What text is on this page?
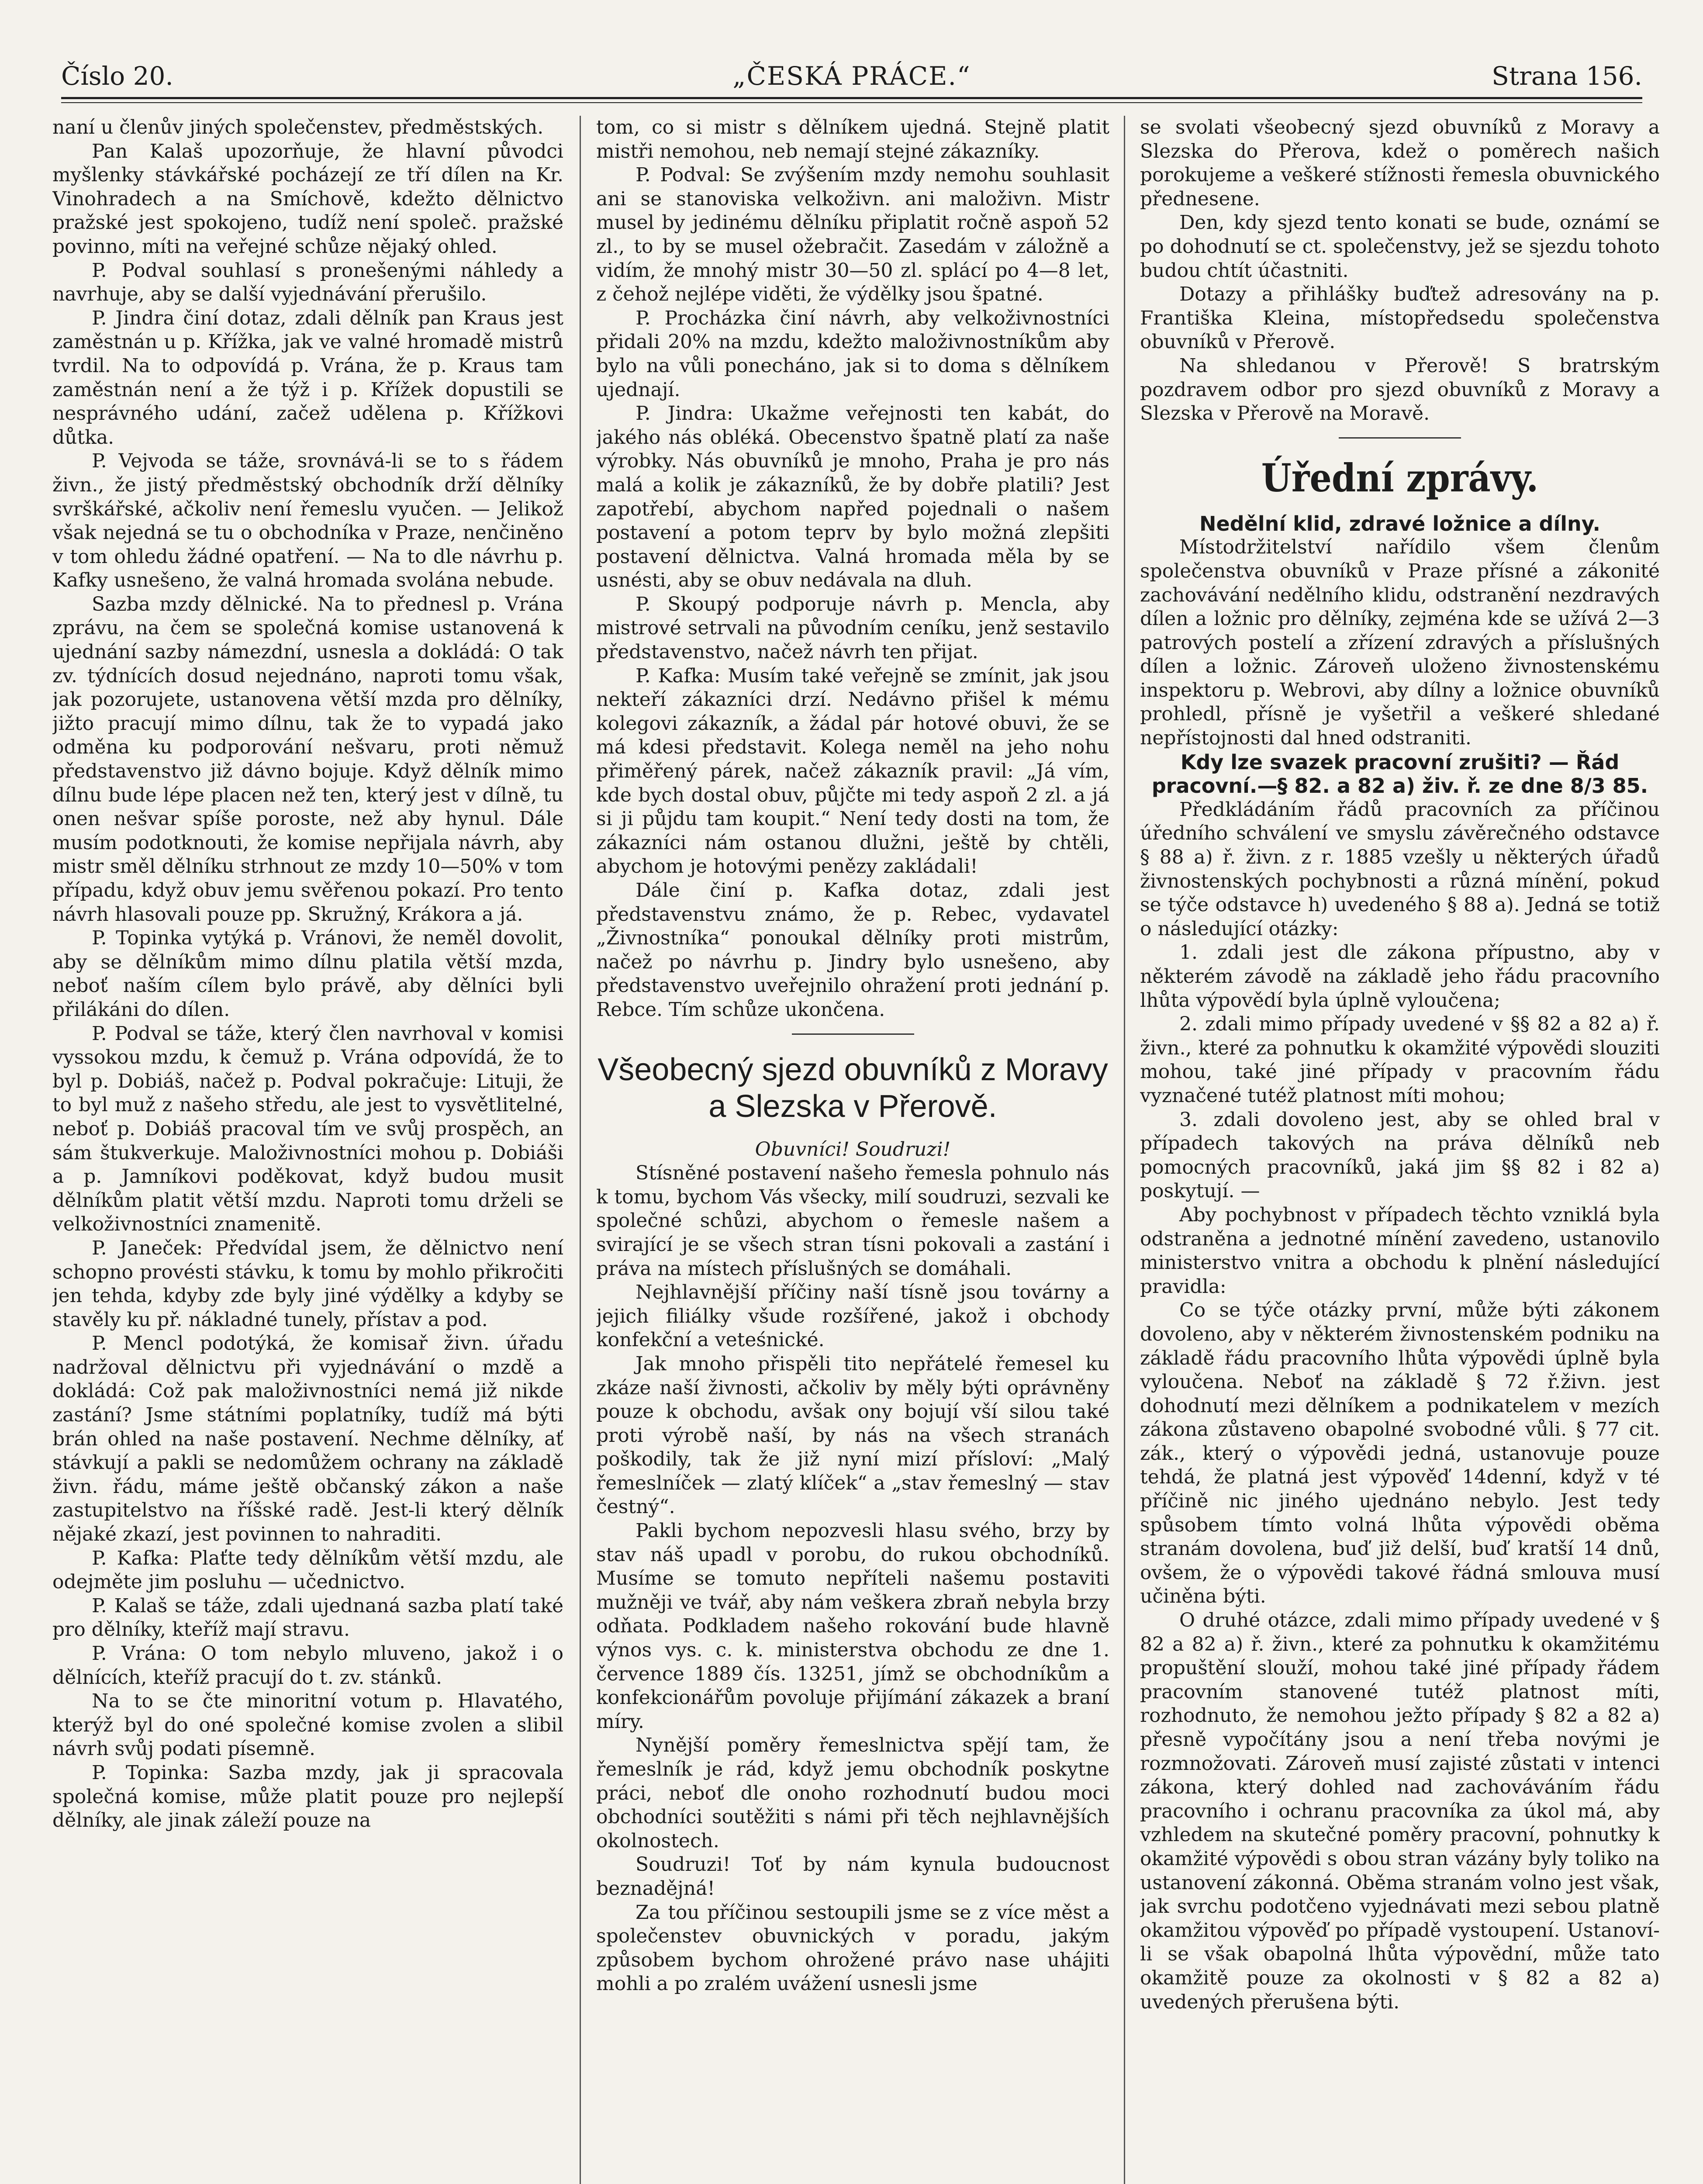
Číslo 20.	„ČESKÁ PRÁCE.“	Strana 156.

naní u členův jiných společenstev, předměstských.

Pan Kalaš upozorňuje, že hlavní původci myšlenky stávkářské pocházejí ze tří dílen na Kr. Vinohradech a na Smíchově, kdežto dělnictvo pražské jest spokojeno, tudíž není společ. pražské povinno, míti na veřejné schůze nějaký ohled.

P. Podval souhlasí s pronešenými náhledy a navrhuje, aby se další vyjednávání přerušilo.

P. Jindra činí dotaz, zdali dělník pan Kraus jest zaměstnán u p. Křížka, jak ve valné hromadě mistrů tvrdil. Na to odpovídá p. Vrána, že p. Kraus tam zaměstnán není a že týž i p. Křížek dopustili se nesprávného udání, začež udělena p. Křížkovi důtka.

P. Vejvoda se táže, srovnává-li se to s řádem živn., že jistý předměstský obchodník drží dělníky svrškářské, ačkoliv není řemeslu vyučen. — Jelikož však nejedná se tu o obchodníka v Praze, nenčiněno v tom ohledu žádné opatření. — Na to dle návrhu p. Kafky usnešeno, že valná hromada svolána nebude.

Sazba mzdy dělnické. Na to přednesl p. Vrána zprávu, na čem se společná komise ustanovená k ujednání sazby námezdní, usnesla a dokládá: O tak zv. týdnících dosud nejednáno, naproti tomu však, jak pozorujete, ustanovena větší mzda pro dělníky, jižto pracují mimo dílnu, tak že to vypadá jako odměna ku podporování nešvaru, proti němuž představenstvo již dávno bojuje. Když dělník mimo dílnu bude lépe placen než ten, který jest v dílně, tu onen nešvar spíše poroste, než aby hynul. Dále musím podotknouti, že komise nepřijala návrh, aby mistr směl dělníku strhnout ze mzdy 10—50% v tom případu, když obuv jemu svěřenou pokazí. Pro tento návrh hlasovali pouze pp. Skružný, Krákora a já.

P. Topinka vytýká p. Vránovi, že neměl dovolit, aby se dělníkům mimo dílnu platila větší mzda, neboť naším cílem bylo právě, aby dělníci byli přilákáni do dílen.

P. Podval se táže, který člen navrhoval v komisi vyssokou mzdu, k čemuž p. Vrána odpovídá, že to byl p. Dobiáš, načež p. Podval pokračuje: Lituji, že to byl muž z našeho středu, ale jest to vysvětlitelné, neboť p. Dobiáš pracoval tím ve svůj prospěch, an sám štukverkuje. Maloživnostníci mohou p. Dobiáši a p. Jamníkovi poděkovat, když budou musit dělníkům platit větší mzdu. Naproti tomu drželi se velkoživnostníci znamenitě.

P. Janeček: Předvídal jsem, že dělnictvo není schopno provésti stávku, k tomu by mohlo přikročiti jen tehda, kdyby zde byly jiné výdělky a kdyby se stavěly ku př. nákladné tunely, přístav a pod.

P. Mencl podotýká, že komisař živn. úřadu nadržoval dělnictvu při vyjednávání o mzdě a dokládá: Což pak maloživnostníci nemá již nikde zastání? Jsme státními poplatníky, tudíž má býti brán ohled na naše postavení. Nechme dělníky, ať stávkují a pakli se nedomůžem ochrany na základě živn. řádu, máme ještě občanský zákon a naše zastupitelstvo na říšské radě. Jest-li který dělník nějaké zkazí, jest povinnen to nahraditi.

P. Kafka: Plaťte tedy dělníkům větší mzdu, ale odejměte jim posluhu — učednictvo.

P. Kalaš se táže, zdali ujednaná sazba platí také pro dělníky, kteříž mají stravu.

P. Vrána: O tom nebylo mluveno, jakož i o dělnících, kteříž pracují do t. zv. stánků.

Na to se čte minoritní votum p. Hlavatého, kterýž byl do oné společné komise zvolen a slibil návrh svůj podati písemně.

P. Topinka: Sazba mzdy, jak ji spracovala společná komise, může platit pouze pro nejlepší dělníky, ale jinak záleží pouze na

tom, co si mistr s dělníkem ujedná. Stejně platit mistři nemohou, neb nemají stejné zákazníky.

P. Podval: Se zvýšením mzdy nemohu souhlasit ani se stanoviska velkoživn. ani maloživn. Mistr musel by jedinému dělníku připlatit ročně aspoň 52 zl., to by se musel ožebračit. Zasedám v záložně a vidím, že mnohý mistr 30—50 zl. splácí po 4—8 let, z čehož nejlépe viděti, že výdělky jsou špatné.

P. Procházka činí návrh, aby velkoživnostníci přidali 20% na mzdu, kdežto maloživnostníkům aby bylo na vůli ponecháno, jak si to doma s dělníkem ujednají.

P. Jindra: Ukažme veřejnosti ten kabát, do jakého nás obléká. Obecenstvo špatně platí za naše výrobky. Nás obuvníků je mnoho, Praha je pro nás malá a kolik je zákazníků, že by dobře platili? Jest zapotřebí, abychom napřed pojednali o našem postavení a potom teprv by bylo možná zlepšiti postavení dělnictva. Valná hromada měla by se usnésti, aby se obuv nedávala na dluh.

P. Skoupý podporuje návrh p. Mencla, aby mistrové setrvali na původním ceníku, jenž sestavilo představenstvo, načež návrh ten přijat.

P. Kafka: Musím také veřejně se zmínit, jak jsou nekteří zákazníci drzí. Nedávno přišel k mému kolegovi zákazník, a žádal pár hotové obuvi, že se má kdesi představit. Kolega neměl na jeho nohu přiměřený párek, načež zákazník pravil: „Já vím, kde bych dostal obuv, půjčte mi tedy aspoň 2 zl. a já si ji půjdu tam koupit.“ Není tedy dosti na tom, že zákazníci nám ostanou dlužni, ještě by chtěli, abychom je hotovými penězy zakládali!

Dále činí p. Kafka dotaz, zdali jest představenstvu známo, že p. Rebec, vydavatel „Živnostníka“ ponoukal dělníky proti mistrům, načež po návrhu p. Jindry bylo usnešeno, aby představenstvo uveřejnilo ohražení proti jednání p. Rebce. Tím schůze ukončena.

Všeobecný sjezd obuvníků z Moravy a Slezska v Přerově.

Obuvníci! Soudruzi!

Stísněné postavení našeho řemesla pohnulo nás k tomu, bychom Vás všecky, milí soudruzi, sezvali ke společné schůzi, abychom o řemesle našem a svirající je se všech stran tísni pokovali a zastání i práva na místech příslušných se domáhali.

Nejhlavnější příčiny naší tísně jsou továrny a jejich filiálky všude rozšířené, jakož i obchody konfekční a veteśnické.

Jak mnoho přispěli tito nepřátelé řemesel ku zkáze naší živnosti, ačkoliv by měly býti oprávněny pouze k obchodu, avšak ony bojují vší silou také proti výrobě naší, by nás na všech stranách poškodily, tak že již nyní mizí přísloví: „Malý řemeslníček — zlatý klíček“ a „stav řemeslný — stav čestný“.

Pakli bychom nepozvesli hlasu svého, brzy by stav náš upadl v porobu, do rukou obchodníků. Musíme se tomuto nepříteli našemu postaviti mužněji ve tvář, aby nám veškera zbraň nebyla brzy odňata. Podkladem našeho rokování bude hlavně výnos vys. c. k. ministerstva obchodu ze dne 1. července 1889 čís. 13251, jímž se obchodníkům a konfekcionářům povoluje přijímání zákazek a braní míry.

Nynější poměry řemeslnictva spějí tam, že řemeslník je rád, když jemu obchodník poskytne práci, neboť dle onoho rozhodnutí budou moci obchodníci soutěžiti s námi při těch nejhlavnějších okolnostech.

Soudruzi! Toť by nám kynula budoucnost beznadějná!

Za tou příčinou sestoupili jsme se z více měst a společenstev obuvnických v poradu, jakým způsobem bychom ohrožené právo nase uhájiti mohli a po zralém uvážení usnesli jsme

se svolati všeobecný sjezd obuvníků z Moravy a Slezska do Přerova, kdež o poměrech našich porokujeme a veškeré stížnosti řemesla obuvnického přednesene.

Den, kdy sjezd tento konati se bude, oznámí se po dohodnutí se ct. společenstvy, jež se sjezdu tohoto budou chtít účastniti.

Dotazy a přihlášky buďtež adresovány na p. Františka Kleina, místopředsedu společenstva obuvníků v Přerově.

Na shledanou v Přerově! S bratrským pozdravem odbor pro sjezd obuvníků z Moravy a Slezska v Přerově na Moravě.

Úřední zprávy.
Nedělní klid, zdravé ložnice a dílny.

Místodržitelství nařídilo všem členům společenstva obuvníků v Praze přísné a zákonité zachovávání nedělního klidu, odstranění nezdravých dílen a ložnic pro dělníky, zejména kde se užívá 2—3 patrových postelí a zřízení zdravých a příslušných dílen a ložnic. Zároveň uloženo živnostenskému inspektoru p. Webrovi, aby dílny a ložnice obuvníků prohledl, přísně je vyšetřil a veškeré shledané nepřístojnosti dal hned odstraniti.

Kdy lze svazek pracovní zrušiti? — Řád pracovní.—§ 82. a 82 a) živ. ř. ze dne 8/3 85.

Předkládáním řádů pracovních za příčinou úředního schválení ve smyslu závěrečného odstavce § 88 a) ř. živn. z r. 1885 vzešly u některých úřadů živnostenských pochybnosti a různá mínění, pokud se týče odstavce h) uvedeného § 88 a). Jedná se totiž o následující otázky:

1. zdali jest dle zákona přípustno, aby v některém závodě na základě jeho řádu pracovního lhůta výpovědí byla úplně vyloučena;

2. zdali mimo případy uvedené v §§ 82 a 82 a) ř. živn., které za pohnutku k okamžité výpovědi slouziti mohou, také jiné případy v pracovním řádu vyznačené tutéž platnost míti mohou;

3. zdali dovoleno jest, aby se ohled bral v případech takových na práva dělníků neb pomocných pracovníků, jaká jim §§ 82 i 82 a) poskytují. —

Aby pochybnost v případech těchto vzniklá byla odstraněna a jednotné mínění zavedeno, ustanovilo ministerstvo vnitra a obchodu k plnění následující pravidla:

Co se týče otázky první, může býti zákonem dovoleno, aby v některém živnostenském podniku na základě řádu pracovního lhůta výpovědi úplně byla vyloučena. Neboť na základě § 72 ř.živn. jest dohodnutí mezi dělníkem a podnikatelem v mezích zákona zůstaveno obapolné svobodné vůli. § 77 cit. zák., který o výpovědi jedná, ustanovuje pouze tehdá, že platná jest výpověď 14denní, když v té příčině nic jiného ujednáno nebylo. Jest tedy spůsobem tímto volná lhůta výpovědi oběma stranám dovolena, buď již delší, buď kratší 14 dnů, ovšem, že o výpovědi takové řádná smlouva musí učiněna býti.

O druhé otázce, zdali mimo případy uvedené v § 82 a 82 a) ř. živn., které za pohnutku k okamžitému propuštění slouží, mohou také jiné případy řádem pracovním stanovené tutéž platnost míti, rozhodnuto, že nemohou ježto případy § 82 a 82 a) přesně vypočítány jsou a není třeba novými je rozmnožovati. Zároveň musí zajisté zůstati v intenci zákona, který dohled nad zachováváním řádu pracovního i ochranu pracovníka za úkol má, aby vzhledem na skutečné poměry pracovní, pohnutky k okamžité výpovědi s obou stran vázány byly toliko na ustanovení zákonná. Oběma stranám volno jest však, jak svrchu podotčeno vyjednávati mezi sebou platně okamžitou výpověď po případě vystoupení. Ustanoví-li se však obapolná lhůta výpovědní, může tato okamžitě pouze za okolnosti v § 82 a 82 a) uvedených přerušena býti.
